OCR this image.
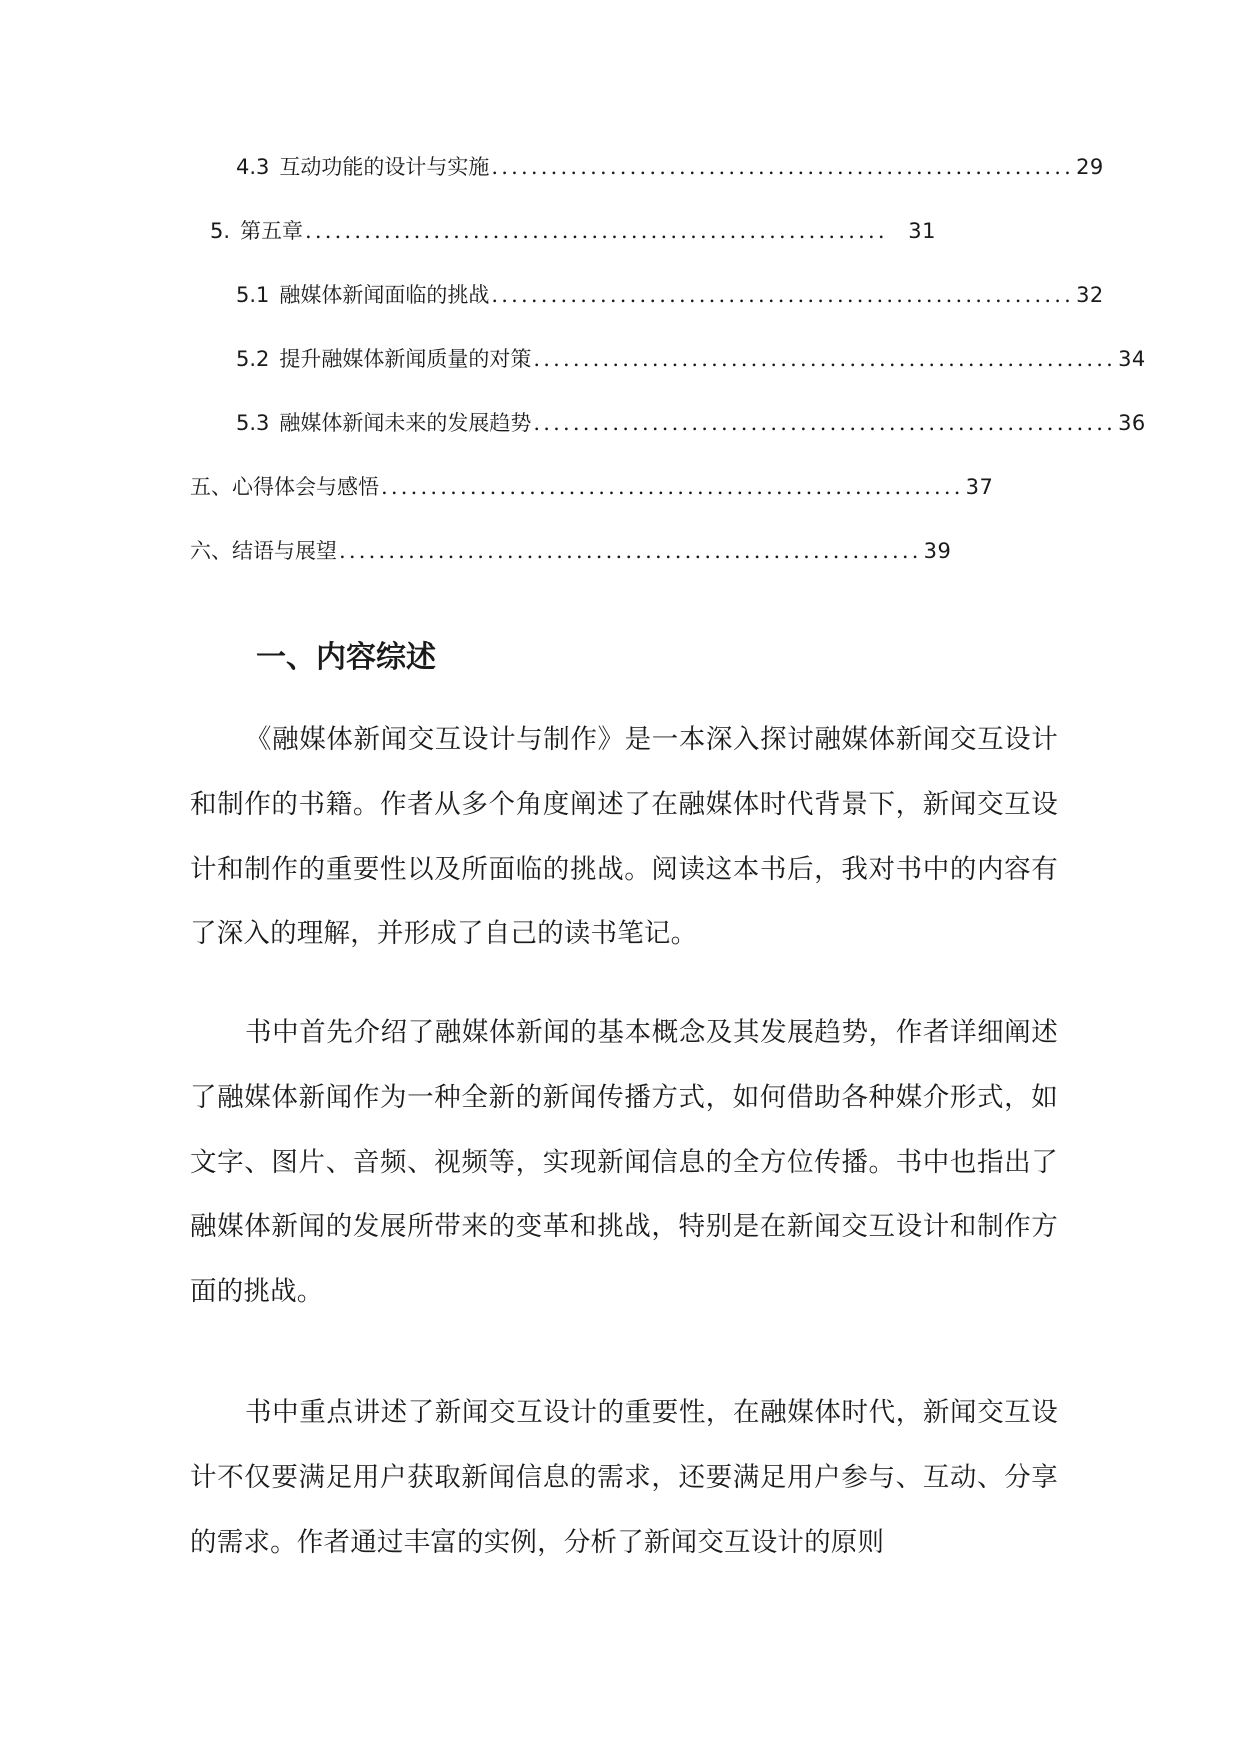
4.3 互动功能的设计与实施 ........................................................... 29
5. 第五章 ........................................................... 31
5.1 融媒体新闻面临的挑战 ........................................................... 32
5.2 提升融媒体新闻质量的对策 ........................................................... 34
5.3 融媒体新闻未来的发展趋势 ........................................................... 36
五、心得体会与感悟 ........................................................... 37
六、结语与展望 ........................................................... 39
一、内容综述

《融媒体新闻交互设计与制作》是一本深入探讨融媒体新闻交互设计和制作的书籍。作者从多个角度阐述了在融媒体时代背景下，新闻交互设计和制作的重要性以及所面临的挑战。阅读这本书后，我对书中的内容有了深入的理解，并形成了自己的读书笔记。

书中首先介绍了融媒体新闻的基本概念及其发展趋势，作者详细阐述了融媒体新闻作为一种全新的新闻传播方式，如何借助各种媒介形式，如文字、图片、音频、视频等，实现新闻信息的全方位传播。书中也指出了融媒体新闻的发展所带来的变革和挑战，特别是在新闻交互设计和制作方面的挑战。

书中重点讲述了新闻交互设计的重要性，在融媒体时代，新闻交互设计不仅要满足用户获取新闻信息的需求，还要满足用户参与、互动、分享的需求。作者通过丰富的实例，分析了新闻交互设计的原则
